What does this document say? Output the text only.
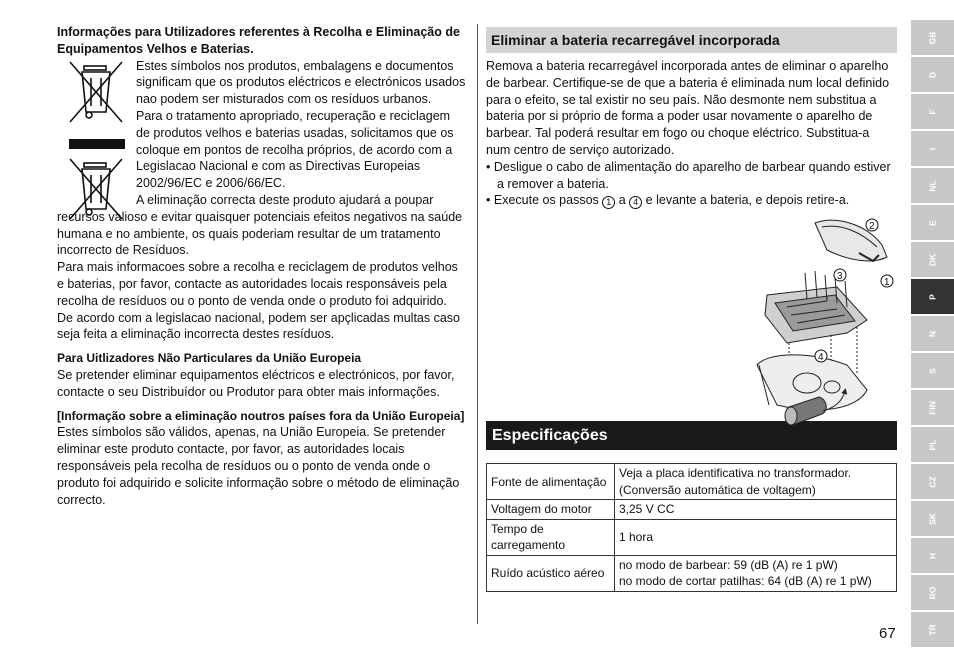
Informações para Utilizadores referentes à Recolha e Eliminação de Equipamentos Velhos e Baterias.

Estes símbolos nos produtos, embalagens e documentos significam que os produtos eléctricos e electrónicos usados nao podem ser misturados com os resíduos urbanos.

Para o tratamento apropriado, recuperação e reciclagem de produtos velhos e baterias usadas, solicitamos que os coloque em pontos de recolha próprios, de acordo com a Legislacao Nacional e com as Directivas Europeias 2002/96/EC e 2006/66/EC.

A eliminação correcta deste produto ajudará a poupar recursos valioso e evitar quaisquer potenciais efeitos negativos na saúde humana e no ambiente, os quais poderiam resultar de um tratamento incorrecto de Resíduos.

Para mais informacoes sobre a recolha e reciclagem de produtos velhos e baterias, por favor, contacte as autoridades locais responsáveis pela recolha de resíduos ou o ponto de venda onde o produto foi adquirido.

De acordo com a legislacao nacional, podem ser apçlicadas multas caso seja feita a eliminação incorrecta destes resíduos.

Para Uitlizadores Não Particulares da União Europeia

Se pretender eliminar equipamentos eléctricos e electrónicos, por favor, contacte o seu Distribuídor ou Produtor para obter mais informações.

[Informação sobre a eliminação noutros países fora da União Europeia]

Estes símbolos são válidos, apenas, na União Europeia. Se pretender eliminar este produto contacte, por favor, as autoridades locais responsáveis pela recolha de resíduos ou o ponto de venda onde o produto foi adquirido e solicite informação sobre o método de eliminação correcto.

Eliminar a bateria recarregável incorporada

Remova a bateria recarregável incorporada antes de eliminar o aparelho de barbear. Certifique-se de que a bateria é eliminada num local definido para o efeito, se tal existir no seu país. Não desmonte nem substitua a bateria por si próprio de forma a poder usar novamente o aparelho de barbear. Tal poderá resultar em fogo ou choque eléctrico. Substitua-a num centro de serviço autorizado.

• Desligue o cabo de alimentação do aparelho de barbear quando estiver a remover a bateria.

• Execute os passos 1 a 4 e levante a bateria, e depois retire-a.

Especificações
Fonte de alimentação	Veja a placa identificativa no transformador.
(Conversão automática de voltagem)

Voltagem do motor	3,25 V CC

Tempo de carregamento	1 hora

Ruído acústico aéreo	no modo de barbear: 59 (dB (A) re 1 pW)
no modo de cortar patilhas: 64 (dB (A) re 1 pW)
1
2
3
4
67
GB
D
F
I
NL
E
DK
P
N
S
FIN
PL
CZ
SK
H
RO
TR
